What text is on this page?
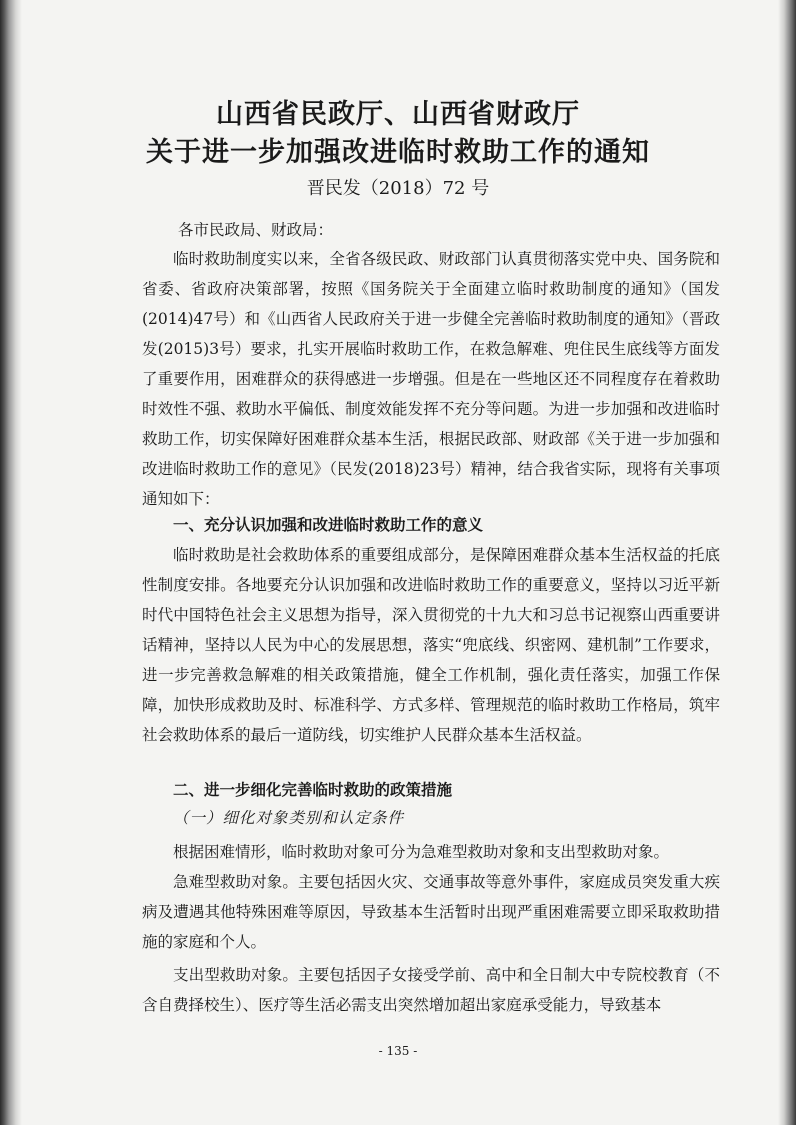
山西省民政厅、山西省财政厅
关于进一步加强改进临时救助工作的通知

晋民发（2018）72 号

各市民政局、财政局：

临时救助制度实以来，全省各级民政、财政部门认真贯彻落实党中央、国务院和省委、省政府决策部署，按照《国务院关于全面建立临时救助制度的通知》（国发(2014)47号）和《山西省人民政府关于进一步健全完善临时救助制度的通知》（晋政发(2015)3号）要求，扎实开展临时救助工作，在救急解难、兜住民生底线等方面发了重要作用，困难群众的获得感进一步增强。但是在一些地区还不同程度存在着救助时效性不强、救助水平偏低、制度效能发挥不充分等问题。为进一步加强和改进临时救助工作，切实保障好困难群众基本生活，根据民政部、财政部《关于进一步加强和改进临时救助工作的意见》（民发(2018)23号）精神，结合我省实际，现将有关事项通知如下：

一、充分认识加强和改进临时救助工作的意义

临时救助是社会救助体系的重要组成部分，是保障困难群众基本生活权益的托底性制度安排。各地要充分认识加强和改进临时救助工作的重要意义，坚持以习近平新时代中国特色社会主义思想为指导，深入贯彻党的十九大和习总书记视察山西重要讲话精神，坚持以人民为中心的发展思想，落实“兜底线、织密网、建机制”工作要求，进一步完善救急解难的相关政策措施，健全工作机制，强化责任落实，加强工作保障，加快形成救助及时、标准科学、方式多样、管理规范的临时救助工作格局，筑牢社会救助体系的最后一道防线，切实维护人民群众基本生活权益。

二、进一步细化完善临时救助的政策措施

（一）细化对象类别和认定条件

根据困难情形，临时救助对象可分为急难型救助对象和支出型救助对象。

急难型救助对象。主要包括因火灾、交通事故等意外事件，家庭成员突发重大疾病及遭遇其他特殊困难等原因，导致基本生活暂时出现严重困难需要立即采取救助措施的家庭和个人。

支出型救助对象。主要包括因子女接受学前、高中和全日制大中专院校教育（不含自费择校生）、医疗等生活必需支出突然增加超出家庭承受能力，导致基本

- 135 -
